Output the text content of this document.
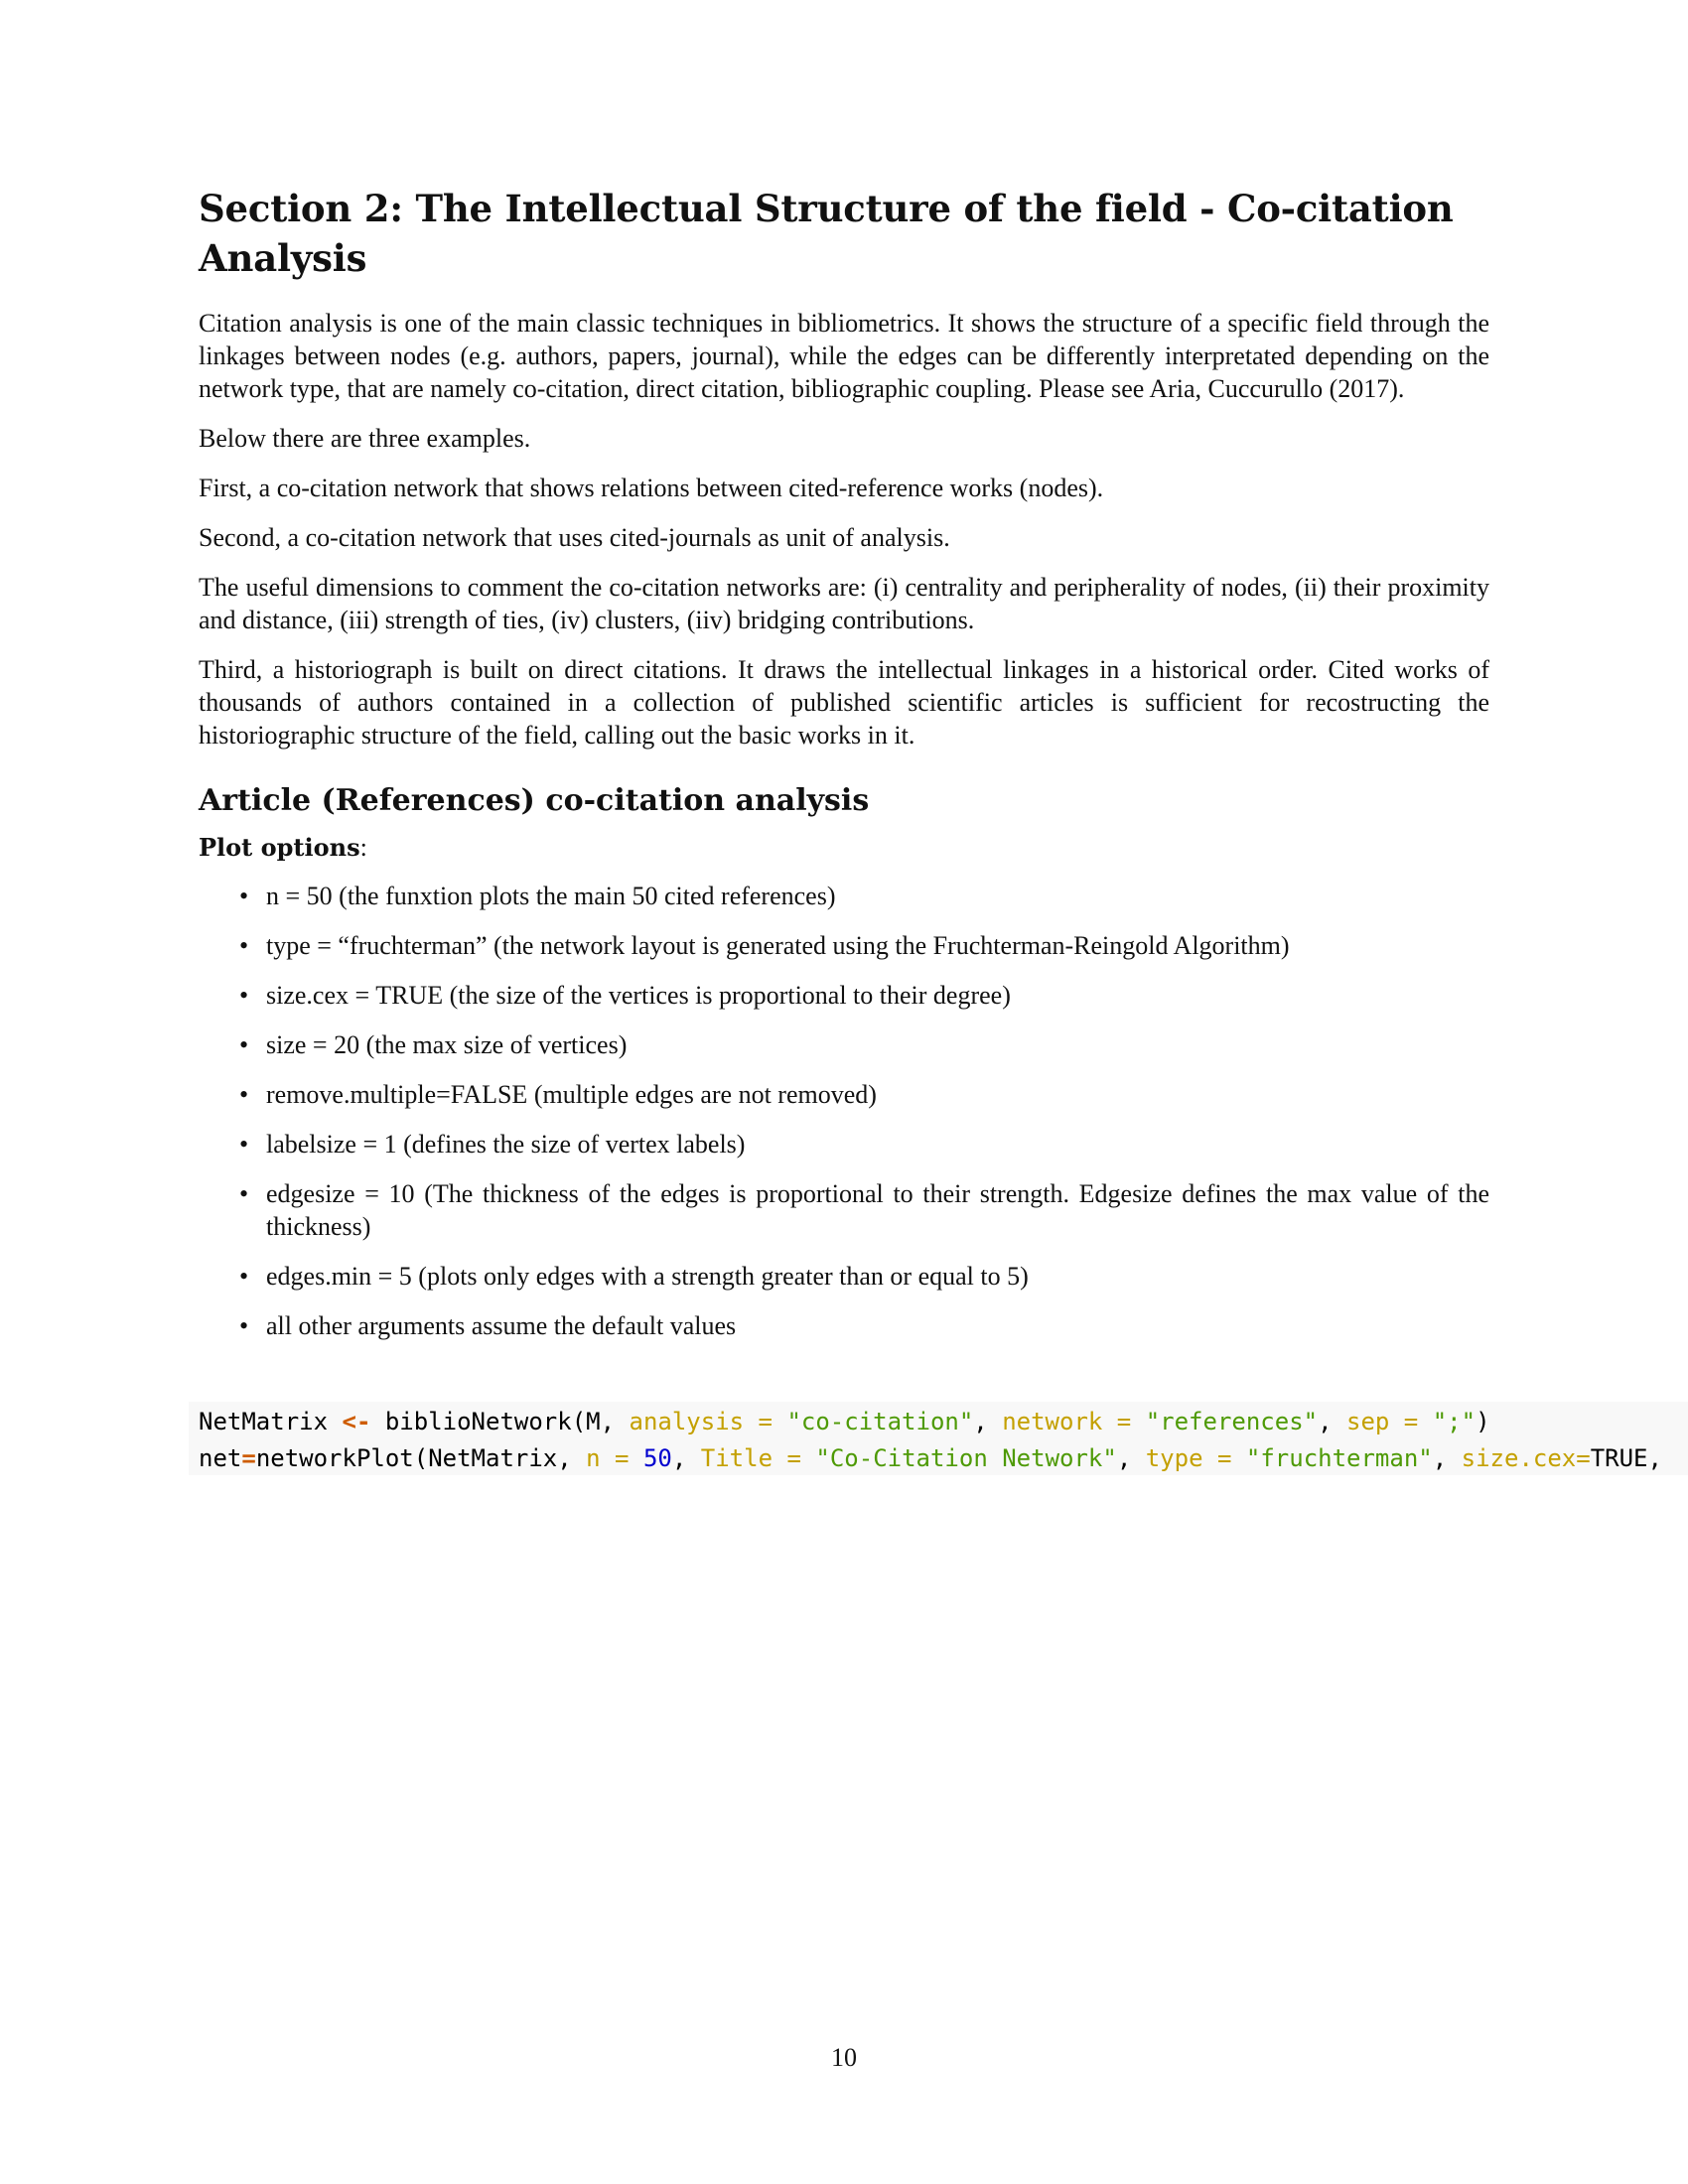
Section 2: The Intellectual Structure of the field - Co-citation Analysis

Citation analysis is one of the main classic techniques in bibliometrics. It shows the structure of a specific field through the linkages between nodes (e.g. authors, papers, journal), while the edges can be differently interpretated depending on the network type, that are namely co-citation, direct citation, bibliographic coupling. Please see Aria, Cuccurullo (2017).

Below there are three examples.

First, a co-citation network that shows relations between cited-reference works (nodes).

Second, a co-citation network that uses cited-journals as unit of analysis.

The useful dimensions to comment the co-citation networks are: (i) centrality and peripherality of nodes, (ii) their proximity and distance, (iii) strength of ties, (iv) clusters, (iiv) bridging contributions.

Third, a historiograph is built on direct citations. It draws the intellectual linkages in a historical order. Cited works of thousands of authors contained in a collection of published scientific articles is sufficient for recostructing the historiographic structure of the field, calling out the basic works in it.

Article (References) co-citation analysis
Plot options:
• n = 50 (the funxtion plots the main 50 cited references)
• type = “fruchterman” (the network layout is generated using the Fruchterman-Reingold Algorithm)
• size.cex = TRUE (the size of the vertices is proportional to their degree)
• size = 20 (the max size of vertices)
• remove.multiple=FALSE (multiple edges are not removed)
• labelsize = 1 (defines the size of vertex labels)
• edgesize = 10 (The thickness of the edges is proportional to their strength. Edgesize defines the max value of the thickness)
• edges.min = 5 (plots only edges with a strength greater than or equal to 5)
• all other arguments assume the default values
NetMatrix <- biblioNetwork(M, analysis = "co-citation", network = "references", sep = ";")
net=networkPlot(NetMatrix, n = 50, Title = "Co-Citation Network", type = "fruchterman", size.cex=TRUE,
10
